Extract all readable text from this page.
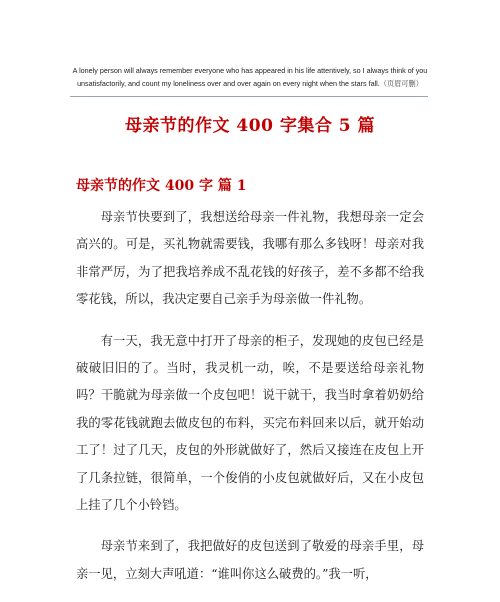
A lonely person will always remember everyone who has appeared in his life attentively, so I always think of you unsatisfactorily, and count my loneliness over and over again on every night when the stars fall.（页眉可删）
母亲节的作文 400 字集合 5 篇
母亲节的作文 400 字 篇 1

母亲节快要到了，我想送给母亲一件礼物，我想母亲一定会高兴的。可是，买礼物就需要钱，我哪有那么多钱呀！母亲对我非常严厉，为了把我培养成不乱花钱的好孩子，差不多都不给我零花钱，所以，我决定要自己亲手为母亲做一件礼物。

有一天，我无意中打开了母亲的柜子，发现她的皮包已经是破破旧旧的了。当时，我灵机一动，唉，不是要送给母亲礼物吗？干脆就为母亲做一个皮包吧！说干就干，我当时拿着奶奶给我的零花钱就跑去做皮包的布料，买完布料回来以后，就开始动工了！过了几天，皮包的外形就做好了，然后又接连在皮包上开了几条拉链，很简单，一个俊俏的小皮包就做好后，又在小皮包上挂了几个小铃铛。

母亲节来到了，我把做好的皮包送到了敬爱的母亲手里，母亲一见，立刻大声吼道：“谁叫你这么破费的。”我一听，
